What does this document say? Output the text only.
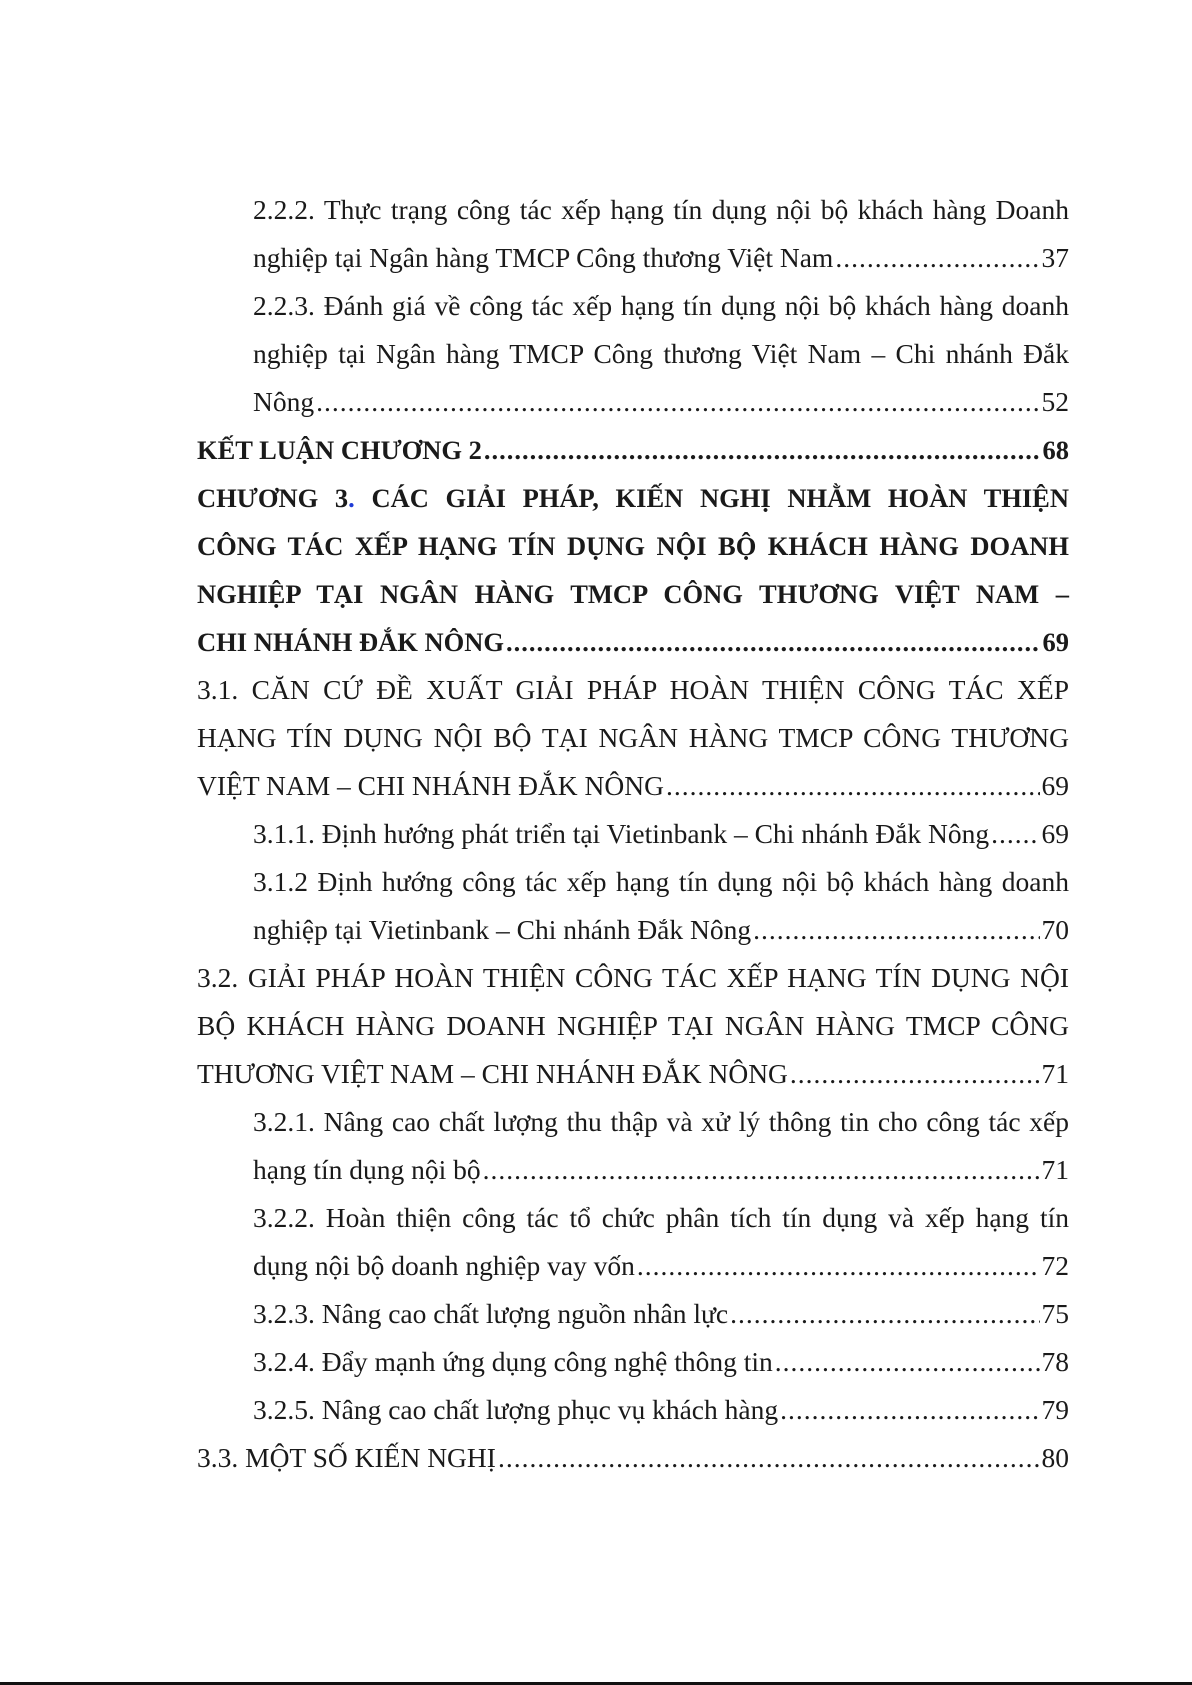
2.2.2. Thực trạng công tác xếp hạng tín dụng nội bộ khách hàng Doanh
nghiệp tại Ngân hàng TMCP Công thương Việt Nam .....	37
2.2.3. Đánh giá về công tác xếp hạng tín dụng nội bộ khách hàng doanh
nghiệp tại Ngân hàng TMCP Công thương Việt Nam – Chi nhánh Đắk
Nông .....	52
KẾT LUẬN CHƯƠNG 2 .....	68
CHƯƠNG 3. CÁC GIẢI PHÁP, KIẾN NGHỊ NHẰM HOÀN THIỆN
CÔNG TÁC XẾP HẠNG TÍN DỤNG NỘI BỘ KHÁCH HÀNG DOANH
NGHIỆP TẠI NGÂN HÀNG TMCP CÔNG THƯƠNG VIỆT NAM –
CHI NHÁNH ĐẮK NÔNG .....	69
3.1. CĂN CỨ ĐỀ XUẤT GIẢI PHÁP HOÀN THIỆN CÔNG TÁC XẾP
HẠNG TÍN DỤNG NỘI BỘ TẠI NGÂN HÀNG TMCP CÔNG THƯƠNG
VIỆT NAM – CHI NHÁNH ĐẮK NÔNG .....	69
3.1.1. Định hướng phát triển tại Vietinbank – Chi nhánh Đắk Nông ..... 69
3.1.2 Định hướng công tác xếp hạng tín dụng nội bộ khách hàng doanh
nghiệp tại Vietinbank – Chi nhánh Đắk Nông .....	70
3.2. GIẢI PHÁP HOÀN THIỆN CÔNG TÁC XẾP HẠNG TÍN DỤNG NỘI
BỘ KHÁCH HÀNG DOANH NGHIỆP TẠI NGÂN HÀNG TMCP CÔNG
THƯƠNG VIỆT NAM – CHI NHÁNH ĐẮK NÔNG .....	71
3.2.1. Nâng cao chất lượng thu thập và xử lý thông tin cho công tác xếp
hạng tín dụng nội bộ .....	71
3.2.2. Hoàn thiện công tác tổ chức phân tích tín dụng và xếp hạng tín
dụng nội bộ doanh nghiệp vay vốn .....	72
3.2.3. Nâng cao chất lượng nguồn nhân lực .....	75
3.2.4. Đẩy mạnh ứng dụng công nghệ thông tin .....	78
3.2.5. Nâng cao chất lượng phục vụ khách hàng .....	79
3.3. MỘT SỐ KIẾN NGHỊ .....	80
